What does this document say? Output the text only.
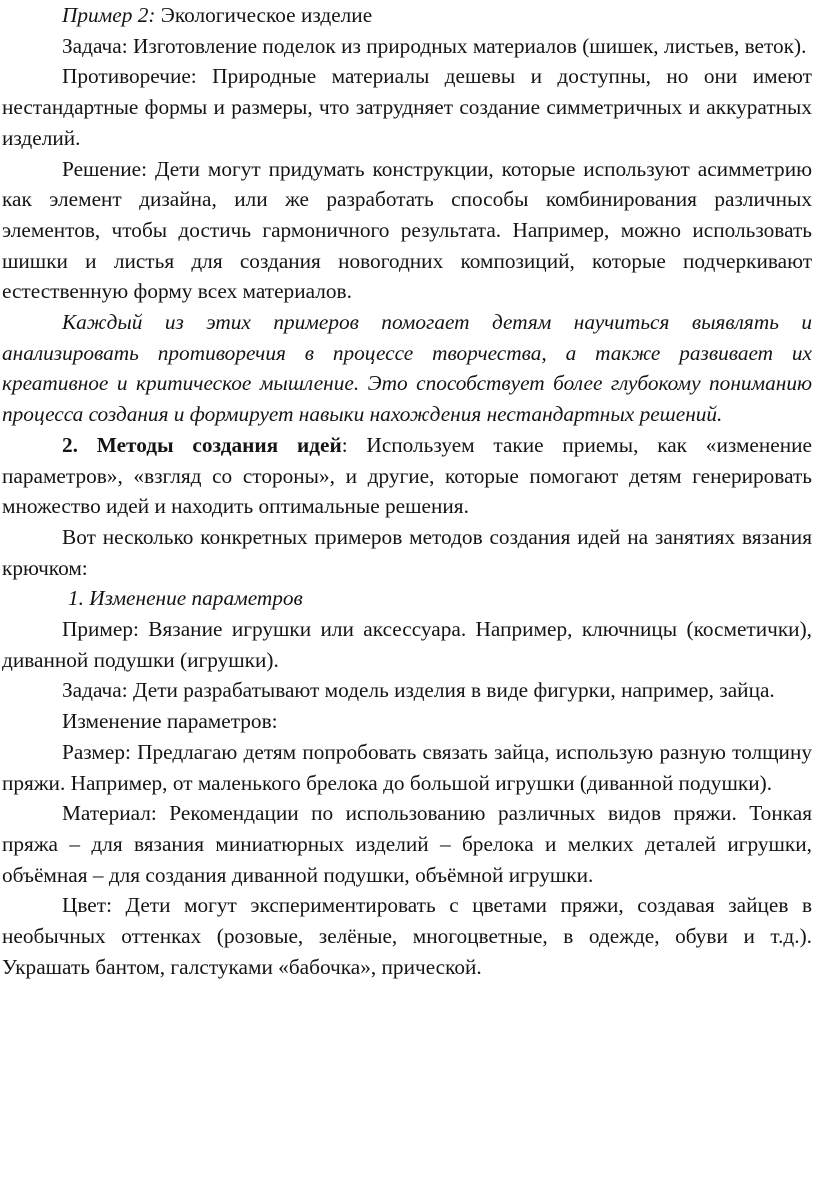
Пример 2: Экологическое изделие

Задача: Изготовление поделок из природных материалов (шишек, листьев, веток).

Противоречие: Природные материалы дешевы и доступны, но они имеют нестандартные формы и размеры, что затрудняет создание симметричных и аккуратных изделий.

Решение: Дети могут придумать конструкции, которые используют асимметрию как элемент дизайна, или же разработать способы комбинирования различных элементов, чтобы достичь гармоничного результата. Например, можно использовать шишки и листья для создания новогодних композиций, которые подчеркивают естественную форму всех материалов.

Каждый из этих примеров помогает детям научиться выявлять и анализировать противоречия в процессе творчества, а также развивает их креативное и критическое мышление. Это способствует более глубокому пониманию процесса создания и формирует навыки нахождения нестандартных решений.

2. Методы создания идей: Используем такие приемы, как «изменение параметров», «взгляд со стороны», и другие, которые помогают детям генерировать множество идей и находить оптимальные решения.

Вот несколько конкретных примеров методов создания идей на занятиях вязания крючком:

1. Изменение параметров

Пример: Вязание игрушки или аксессуара. Например, ключницы (косметички), диванной подушки (игрушки).

Задача: Дети разрабатывают модель изделия в виде фигурки, например, зайца.

Изменение параметров:

Размер: Предлагаю детям попробовать связать зайца, использую разную толщину пряжи. Например, от маленького брелока до большой игрушки (диванной подушки).

Материал: Рекомендации по использованию различных видов пряжи. Тонкая пряжа – для вязания миниатюрных изделий – брелока и мелких деталей игрушки, объёмная – для создания диванной подушки, объёмной игрушки.

Цвет: Дети могут экспериментировать с цветами пряжи, создавая зайцев в необычных оттенках (розовые, зелёные, многоцветные, в одежде, обуви и т.д.). Украшать бантом, галстуками «бабочка», прической.
